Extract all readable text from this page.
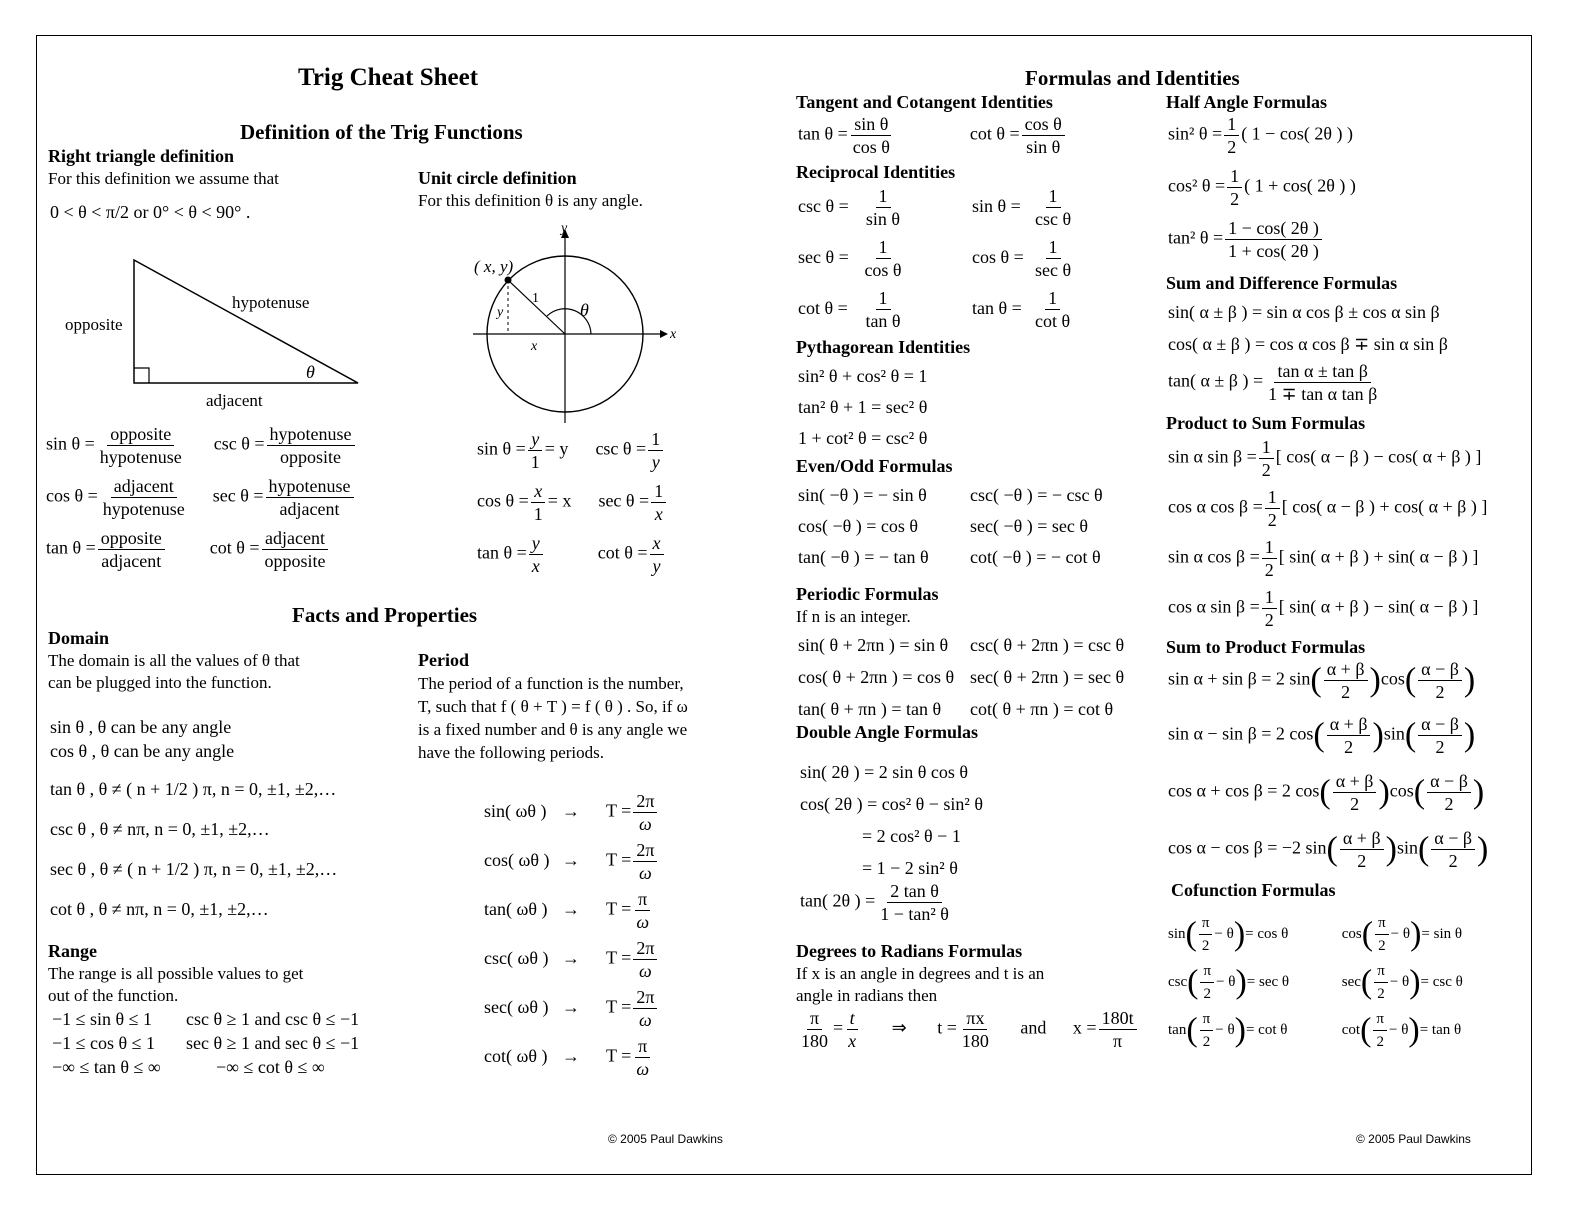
Trig Cheat Sheet
Definition of the Trig Functions
Right triangle definition
For this definition we assume that
0 < θ < π/2 or 0° < θ < 90° .
opposite
hypotenuse
adjacent
θ
$\sin \theta = \frac{\text{opposite}}{\text{hypotenuse}}$ $\csc \theta = \frac{\text{hypotenuse}}{\text{opposite}}$
$\cos \theta = \frac{\text{adjacent}}{\text{hypotenuse}}$ $\sec \theta = \frac{\text{hypotenuse}}{\text{adjacent}}$
$\tan \theta = \frac{\text{opposite}}{\text{adjacent}}$	$\cot \theta = \frac{\text{adjacent}}{\text{opposite}}$
Unit circle definition
For this definition θ is any angle.
( x, y)
y
x
y
x
1
θ
$\sin \theta = \frac{y}{1} = y$ $\csc \theta = \frac{1}{y}$
$\cos \theta = \frac{x}{1} = x$ $\sec \theta = \frac{1}{x}$
$\tan \theta = \frac{y}{x}$	$\cot \theta = \frac{x}{y}$
Facts and Properties
Domain
The domain is all the values of θ that
can be plugged into the function.
sin θ , θ can be any angle
cos θ , θ can be any angle
tan θ , θ ≠ ( n + 1/2 ) π, n = 0, ±1, ±2,…
csc θ , θ ≠ nπ, n = 0, ±1, ±2,…
sec θ , θ ≠ ( n + 1/2 ) π, n = 0, ±1, ±2,…
cot θ , θ ≠ nπ, n = 0, ±1, ±2,…
Range
The range is all possible values to get
out of the function.
−1 ≤ sin θ ≤ 1 csc θ ≥ 1 and csc θ ≤ −1
−1 ≤ cos θ ≤ 1 sec θ ≥ 1 and sec θ ≤ −1
−∞ ≤ tan θ ≤ ∞	−∞ ≤ cot θ ≤ ∞
Period
The period of a function is the number,
T, such that f ( θ + T ) = f ( θ ) . So, if ω
is a fixed number and θ is any angle we
have the following periods.
sin( ωθ ) → $T = \frac{2\pi}{\omega}$
cos( ωθ ) → $T = \frac{2\pi}{\omega}$
tan( ωθ ) → $T = \frac{\pi}{\omega}$
csc( ωθ ) → $T = \frac{2\pi}{\omega}$
sec( ωθ ) → $T = \frac{2\pi}{\omega}$
cot( ωθ ) → $T = \frac{\pi}{\omega}$
© 2005 Paul Dawkins
Formulas and Identities
Tangent and Cotangent Identities
$\tan \theta = \frac{\text{sin θ}}{\text{cos θ}}$	$\cot \theta = \frac{\text{cos θ}}{\text{sin θ}}$
Reciprocal Identities
$\csc \theta = \frac{1}{\text{sin θ}}$	$\sin \theta = \frac{1}{\text{csc θ}}$
$\sec \theta = \frac{1}{\text{cos θ}}$	$\cos \theta = \frac{1}{\text{sec θ}}$
$\cot \theta = \frac{1}{\text{tan θ}}$	$\tan \theta = \frac{1}{\text{cot θ}}$
Pythagorean Identities
sin² θ + cos² θ = 1
tan² θ + 1 = sec² θ
1 + cot² θ = csc² θ
Even/Odd Formulas
sin( −θ ) = − sin θ csc( −θ ) = − csc θ
cos( −θ ) = cos θ	sec( −θ ) = sec θ
tan( −θ ) = − tan θ cot( −θ ) = − cot θ
Periodic Formulas
If n is an integer.
sin( θ + 2πn ) = sin θ csc( θ + 2πn ) = csc θ
cos( θ + 2πn ) = cos θ sec( θ + 2πn ) = sec θ
tan( θ + πn ) = tan θ cot( θ + πn ) = cot θ
Double Angle Formulas
sin( 2θ ) = 2 sin θ cos θ
cos( 2θ ) = cos² θ − sin² θ
= 2 cos² θ − 1
= 1 − 2 sin² θ
tan( 2θ ) = $\frac{\text{2 tan θ}}{\text{1 − tan² θ}}$
Degrees to Radians Formulas
If x is an angle in degrees and t is an
angle in radians then
$\frac{\pi}{180} = \frac{t}{x}$ ⇒ $t = \frac{\pi x}{180}$ and $x = \frac{180t}{\pi}$
Half Angle Formulas
sin² $\theta = \frac{1}{2}$ ( 1 − cos( 2θ ) )
cos² $\theta = \frac{1}{2}$ ( 1 + cos( 2θ ) )
tan² $\theta = \frac{1 - \cos( 2\theta )}{1 + \cos( 2\theta )}$
Sum and Difference Formulas
sin( α ± β ) = sin α cos β ± cos α sin β
cos( α ± β ) = cos α cos β ∓ sin α sin β
tan( α ± β ) = $\frac{\text{tan α ± tan β}}{\text{1 ∓ tan α tan β}}$
Product to Sum Formulas
sin α $\sin \beta = \frac{1}{2}$ [ cos( α − β ) − cos( α + β ) ]
cos α $\cos \beta = \frac{1}{2}$ [ cos( α − β ) + cos( α + β ) ]
sin α $\cos \beta = \frac{1}{2}$ [ sin( α + β ) + sin( α − β ) ]
cos α $\sin \beta = \frac{1}{2}$ [ sin( α + β ) − sin( α − β ) ]
Sum to Product Formulas
sin α + sin β = 2 $\sin( \frac{\alpha + \beta}{2} )\cos( \frac{\alpha - \beta}{2}$ )
sin α − sin β = 2 $\cos( \frac{\alpha + \beta}{2} )\sin( \frac{\alpha - \beta}{2}$ )
cos α + cos β = 2 $\cos( \frac{\alpha + \beta}{2} )\cos( \frac{\alpha - \beta}{2}$ )
cos α − cos β = −2 $\sin( \frac{\alpha + \beta}{2} )\sin( \frac{\alpha - \beta}{2}$ )
Cofunction Formulas
$\sin( \frac{\pi}{2} - \theta)= \cos \theta$	$\cos( \frac{\pi}{2} - \theta)= \sin \theta$
$\csc( \frac{\pi}{2} - \theta)= \sec \theta$	$\sec( \frac{\pi}{2} - \theta)= \csc \theta$
$\tan( \frac{\pi}{2} - \theta)= \cot \theta$	$\cot( \frac{\pi}{2} - \theta)= \tan \theta$
© 2005 Paul Dawkins
